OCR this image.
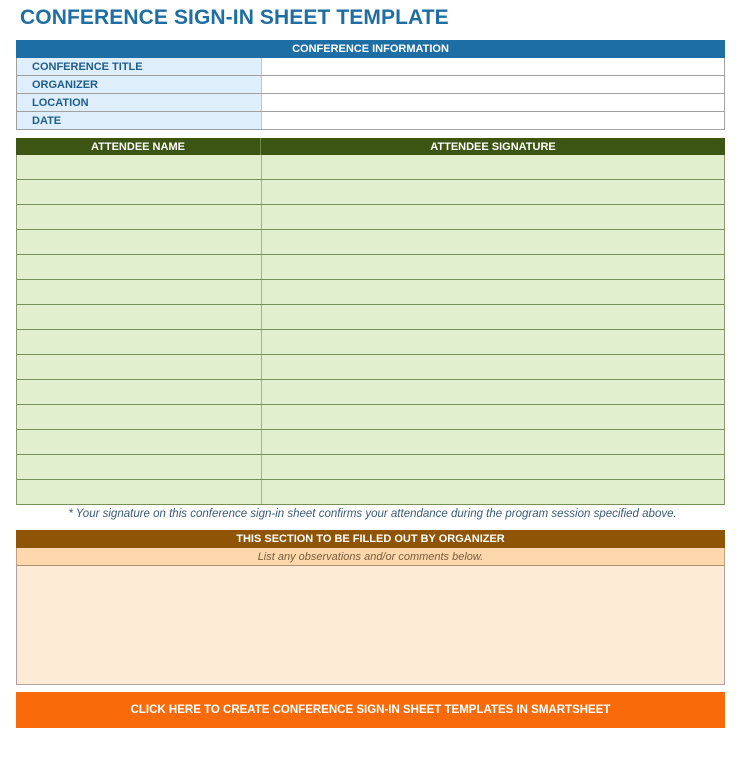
CONFERENCE SIGN-IN SHEET TEMPLATE
CONFERENCE INFORMATION
CONFERENCE TITLE
ORGANIZER
LOCATION
DATE
ATTENDEE NAME	ATTENDEE SIGNATURE
* Your signature on this conference sign-in sheet confirms your attendance during the program session specified above.
THIS SECTION TO BE FILLED OUT BY ORGANIZER
List any observations and/or comments below.
CLICK HERE TO CREATE CONFERENCE SIGN-IN SHEET TEMPLATES IN SMARTSHEET
